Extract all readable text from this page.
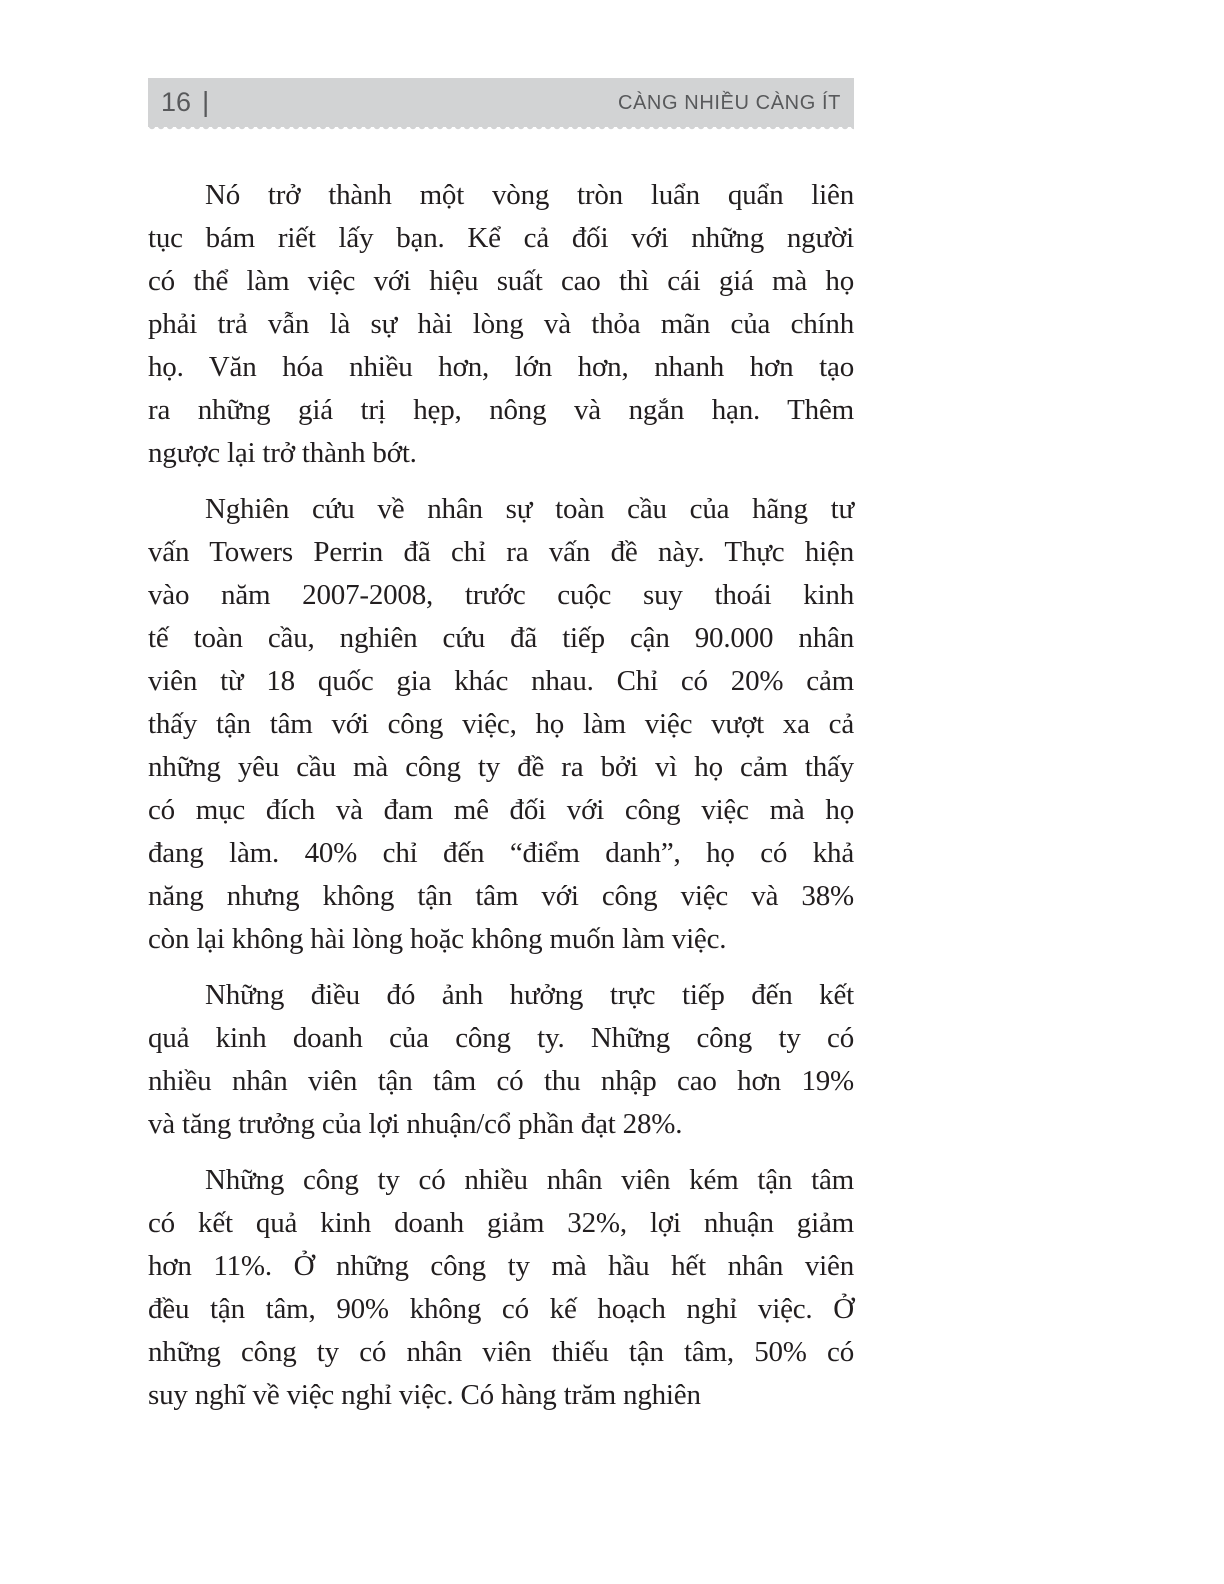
16 |	CÀNG NHIỀU CÀNG ÍT

Nó trở thành một vòng tròn luẩn quẩn liên
tục bám riết lấy bạn. Kể cả đối với những người
có thể làm việc với hiệu suất cao thì cái giá mà họ
phải trả vẫn là sự hài lòng và thỏa mãn của chính
họ. Văn hóa nhiều hơn, lớn hơn, nhanh hơn tạo
ra những giá trị hẹp, nông và ngắn hạn. Thêm
ngược lại trở thành bớt.

Nghiên cứu về nhân sự toàn cầu của hãng tư
vấn Towers Perrin đã chỉ ra vấn đề này. Thực hiện
vào năm 2007-2008, trước cuộc suy thoái kinh
tế toàn cầu, nghiên cứu đã tiếp cận 90.000 nhân
viên từ 18 quốc gia khác nhau. Chỉ có 20% cảm
thấy tận tâm với công việc, họ làm việc vượt xa cả
những yêu cầu mà công ty đề ra bởi vì họ cảm thấy
có mục đích và đam mê đối với công việc mà họ
đang làm. 40% chỉ đến “điểm danh”, họ có khả
năng nhưng không tận tâm với công việc và 38%
còn lại không hài lòng hoặc không muốn làm việc.

Những điều đó ảnh hưởng trực tiếp đến kết
quả kinh doanh của công ty. Những công ty có
nhiều nhân viên tận tâm có thu nhập cao hơn 19%
và tăng trưởng của lợi nhuận/cổ phần đạt 28%.

Những công ty có nhiều nhân viên kém tận tâm
có kết quả kinh doanh giảm 32%, lợi nhuận giảm
hơn 11%. Ở những công ty mà hầu hết nhân viên
đều tận tâm, 90% không có kế hoạch nghỉ việc. Ở
những công ty có nhân viên thiếu tận tâm, 50% có
suy nghĩ về việc nghỉ việc. Có hàng trăm nghiên
